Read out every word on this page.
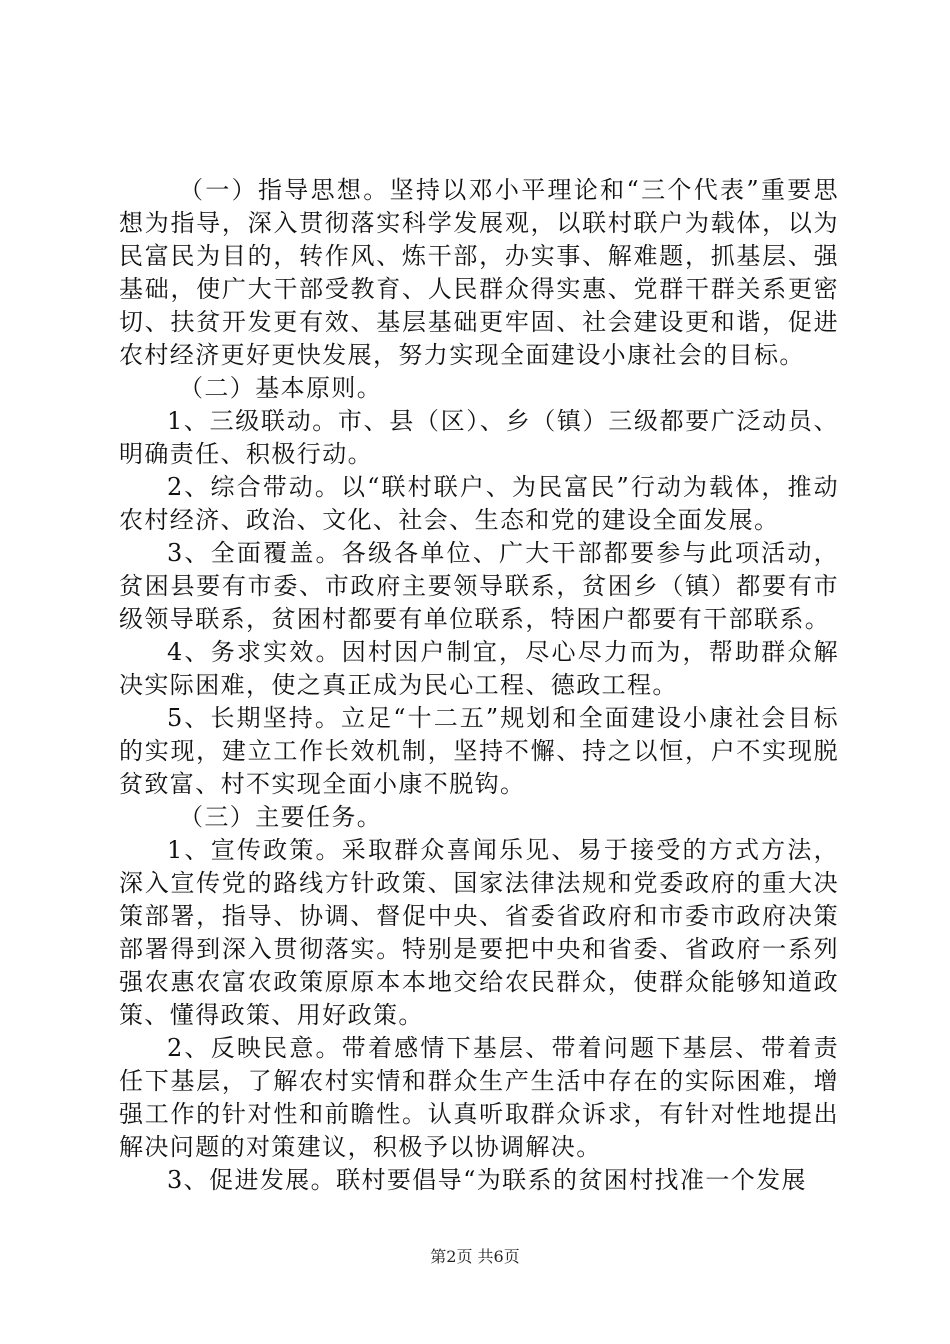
（一）指导思想。坚持以邓小平理论和“三个代表”重要思想为指导，深入贯彻落实科学发展观，以联村联户为载体，以为民富民为目的，转作风、炼干部，办实事、解难题，抓基层、强基础，使广大干部受教育、人民群众得实惠、党群干群关系更密切、扶贫开发更有效、基层基础更牢固、社会建设更和谐，促进农村经济更好更快发展，努力实现全面建设小康社会的目标。

（二）基本原则。

1、三级联动。市、县（区）、乡（镇）三级都要广泛动员、明确责任、积极行动。

2、综合带动。以“联村联户、为民富民”行动为载体，推动农村经济、政治、文化、社会、生态和党的建设全面发展。

3、全面覆盖。各级各单位、广大干部都要参与此项活动，贫困县要有市委、市政府主要领导联系，贫困乡（镇）都要有市级领导联系，贫困村都要有单位联系，特困户都要有干部联系。

4、务求实效。因村因户制宜，尽心尽力而为，帮助群众解决实际困难，使之真正成为民心工程、德政工程。

5、长期坚持。立足“十二五”规划和全面建设小康社会目标的实现，建立工作长效机制，坚持不懈、持之以恒，户不实现脱贫致富、村不实现全面小康不脱钩。

（三）主要任务。

1、宣传政策。采取群众喜闻乐见、易于接受的方式方法，深入宣传党的路线方针政策、国家法律法规和党委政府的重大决策部署，指导、协调、督促中央、省委省政府和市委市政府决策部署得到深入贯彻落实。特别是要把中央和省委、省政府一系列强农惠农富农政策原原本本地交给农民群众，使群众能够知道政策、懂得政策、用好政策。

2、反映民意。带着感情下基层、带着问题下基层、带着责任下基层，了解农村实情和群众生产生活中存在的实际困难，增强工作的针对性和前瞻性。认真听取群众诉求，有针对性地提出解决问题的对策建议，积极予以协调解决。

3、促进发展。联村要倡导“为联系的贫困村找准一个发展

第2页 共6页
